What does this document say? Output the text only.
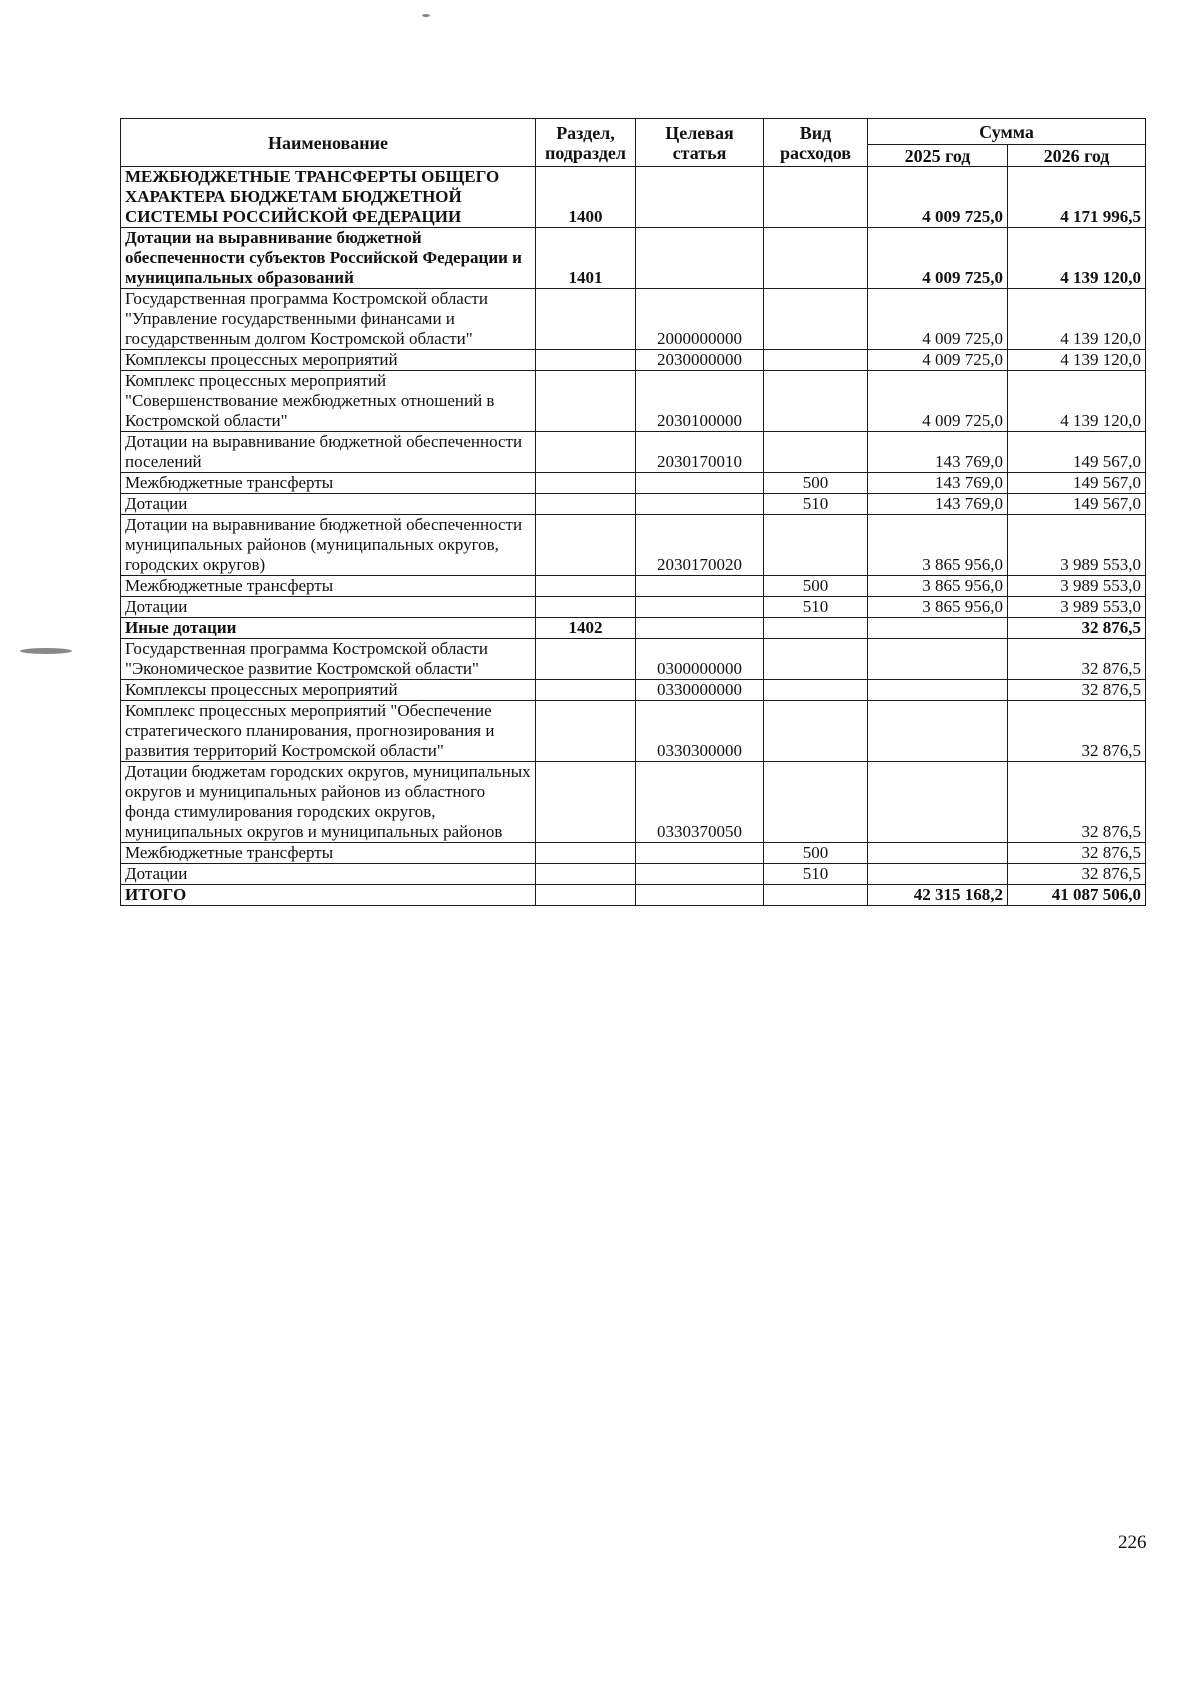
Наименование	Раздел, подраздел	Целевая статья	Вид расходов	Сумма	
				2025 год	2026 год
МЕЖБЮДЖЕТНЫЕ ТРАНСФЕРТЫ ОБЩЕГО ХАРАКТЕРА БЮДЖЕТАМ БЮДЖЕТНОЙ СИСТЕМЫ РОССИЙСКОЙ ФЕДЕРАЦИИ	1400			4 009 725,0	4 171 996,5
Дотации на выравнивание бюджетной обеспеченности субъектов Российской Федерации и муниципальных образований	1401			4 009 725,0	4 139 120,0
Государственная программа Костромской области "Управление государственными финансами и государственным долгом Костромской области"		2000000000		4 009 725,0	4 139 120,0
Комплексы процессных мероприятий		2030000000		4 009 725,0	4 139 120,0
Комплекс процессных мероприятий "Совершенствование межбюджетных отношений в Костромской области"		2030100000		4 009 725,0	4 139 120,0
Дотации на выравнивание бюджетной обеспеченности поселений		2030170010		143 769,0	149 567,0
Межбюджетные трансферты			500	143 769,0	149 567,0
Дотации			510	143 769,0	149 567,0
Дотации на выравнивание бюджетной обеспеченности муниципальных районов (муниципальных округов, городских округов)		2030170020		3 865 956,0	3 989 553,0
Межбюджетные трансферты			500	3 865 956,0	3 989 553,0
Дотации			510	3 865 956,0	3 989 553,0
Иные дотации	1402				32 876,5
Государственная программа Костромской области "Экономическое развитие Костромской области"		0300000000			32 876,5
Комплексы процессных мероприятий		0330000000			32 876,5
Комплекс процессных мероприятий "Обеспечение стратегического планирования, прогнозирования и развития территорий Костромской области"		0330300000			32 876,5
Дотации бюджетам городских округов, муниципальных округов и муниципальных районов из областного фонда стимулирования городских округов, муниципальных округов и муниципальных районов		0330370050			32 876,5
Межбюджетные трансферты			500		32 876,5
Дотации			510		32 876,5
ИТОГО				42 315 168,2	41 087 506,0
226
